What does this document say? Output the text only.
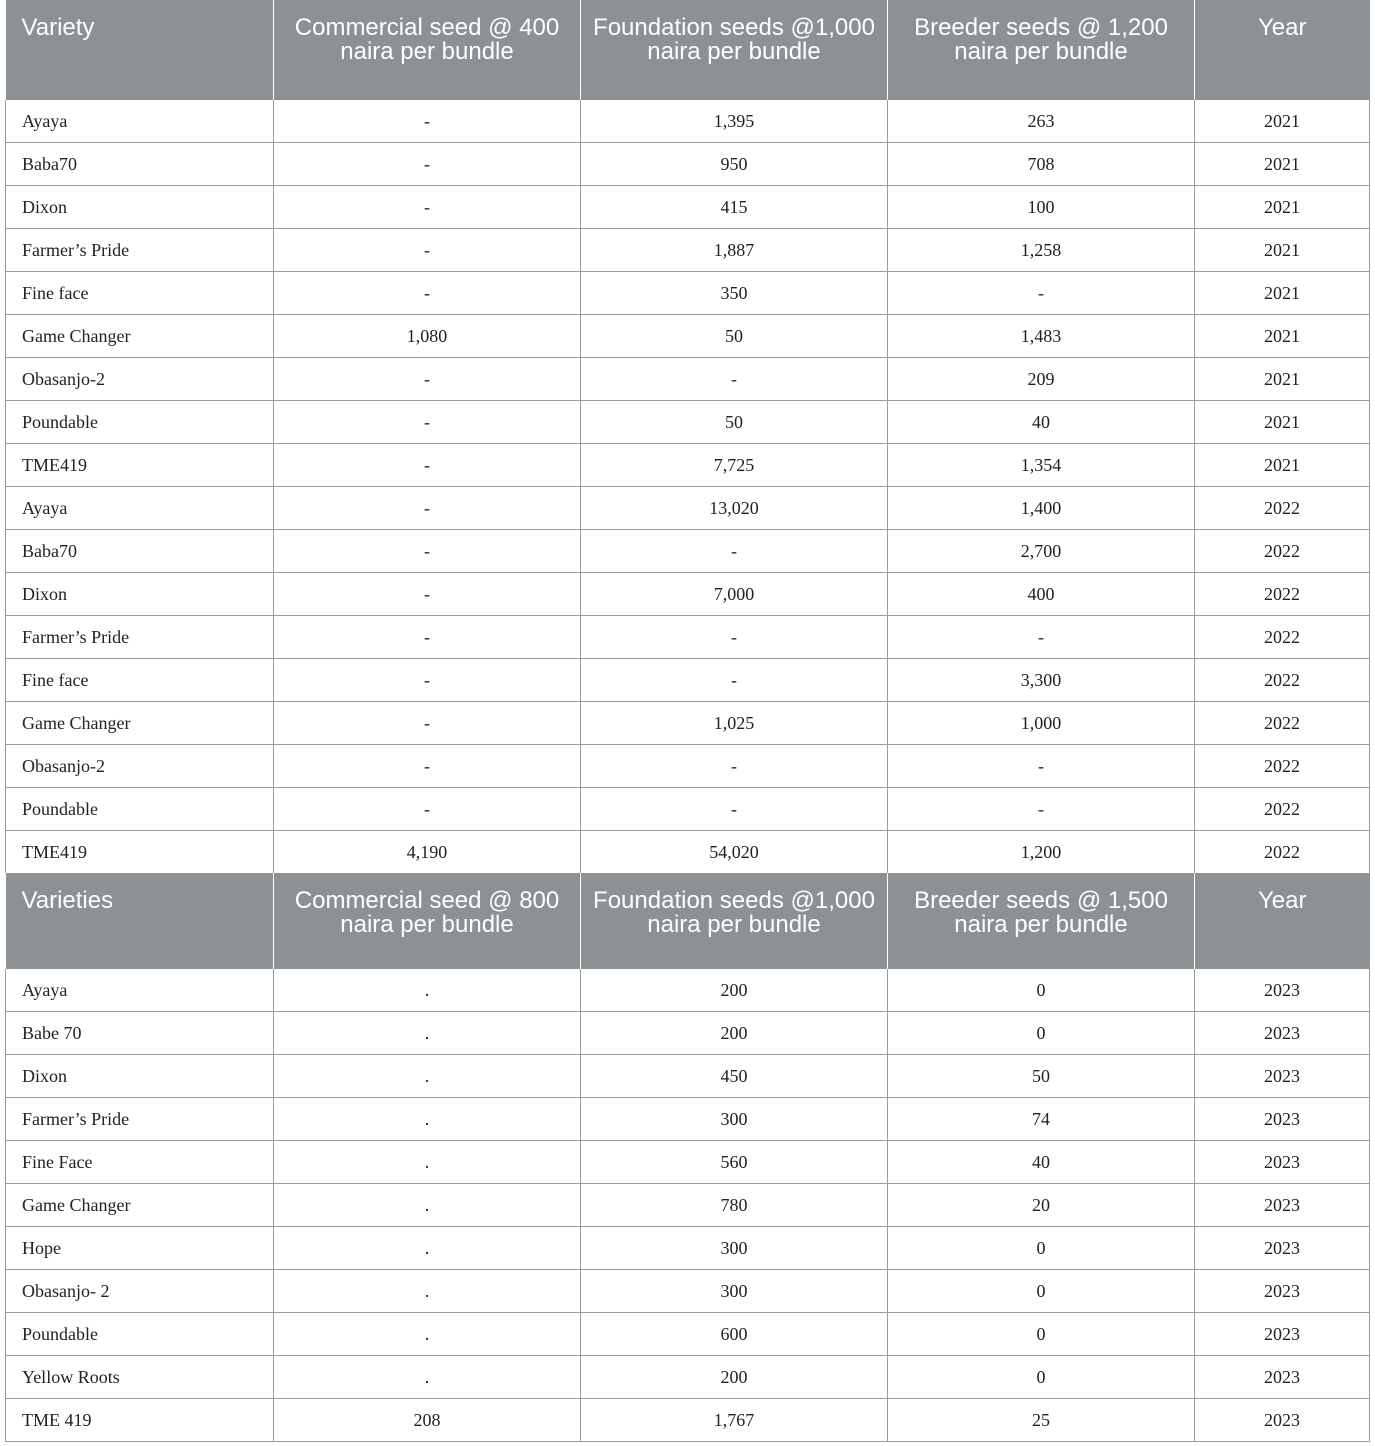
Variety	Commercial seed @ 400 naira per bundle	Foundation seeds @1,000 naira per bundle	Breeder seeds @ 1,200 naira per bundle	Year
Ayaya	-	1,395	263	2021
Baba70	-	950	708	2021
Dixon	-	415	100	2021
Farmer’s Pride	-	1,887	1,258	2021
Fine face	-	350	-	2021
Game Changer	1,080	50	1,483	2021
Obasanjo-2	-	-	209	2021
Poundable	-	50	40	2021
TME419	-	7,725	1,354	2021
Ayaya	-	13,020	1,400	2022
Baba70	-	-	2,700	2022
Dixon	-	7,000	400	2022
Farmer’s Pride	-	-	-	2022
Fine face	-	-	3,300	2022
Game Changer	-	1,025	1,000	2022
Obasanjo-2	-	-	-	2022
Poundable	-	-	-	2022
TME419	4,190	54,020	1,200	2022
Varieties	Commercial seed @ 800 naira per bundle	Foundation seeds @1,000 naira per bundle	Breeder seeds @ 1,500 naira per bundle	Year
Ayaya	.	200	0	2023
Babe 70	.	200	0	2023
Dixon	.	450	50	2023
Farmer’s Pride	.	300	74	2023
Fine Face	.	560	40	2023
Game Changer	.	780	20	2023
Hope	.	300	0	2023
Obasanjo- 2	.	300	0	2023
Poundable	.	600	0	2023
Yellow Roots	.	200	0	2023
TME 419	208	1,767	25	2023
